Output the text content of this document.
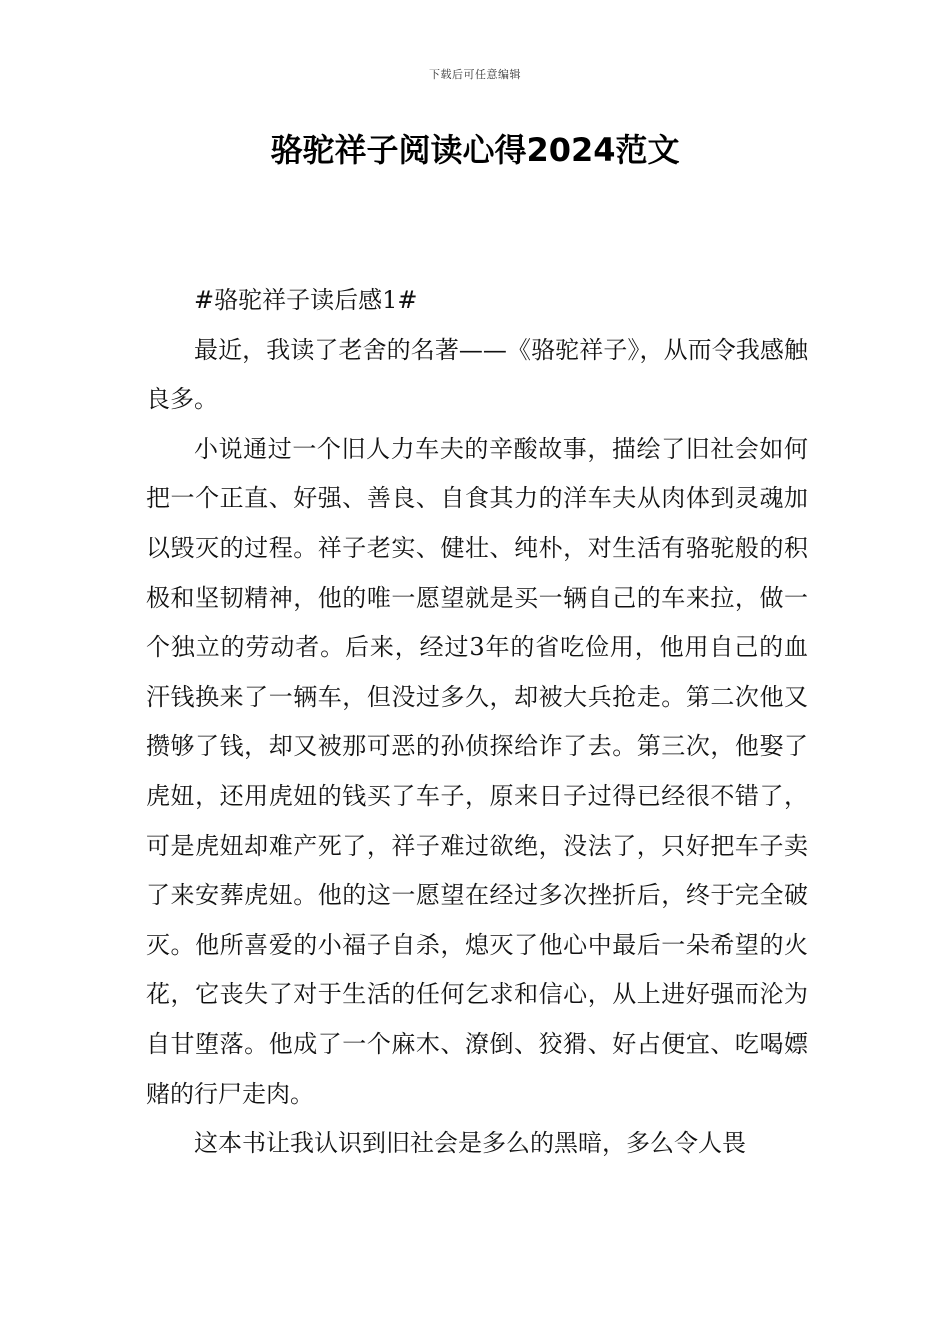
下载后可任意编辑
骆驼祥子阅读心得2024范文

#骆驼祥子读后感1#

最近，我读了老舍的名著——《骆驼祥子》，从而令我感触良多。

小说通过一个旧人力车夫的辛酸故事，描绘了旧社会如何把一个正直、好强、善良、自食其力的洋车夫从肉体到灵魂加以毁灭的过程。祥子老实、健壮、纯朴，对生活有骆驼般的积极和坚韧精神，他的唯一愿望就是买一辆自己的车来拉，做一个独立的劳动者。后来，经过3年的省吃俭用，他用自己的血汗钱换来了一辆车，但没过多久，却被大兵抢走。第二次他又攒够了钱，却又被那可恶的孙侦探给诈了去。第三次，他娶了虎妞，还用虎妞的钱买了车子，原来日子过得已经很不错了，可是虎妞却难产死了，祥子难过欲绝，没法了，只好把车子卖了来安葬虎妞。他的这一愿望在经过多次挫折后，终于完全破灭。他所喜爱的小福子自杀，熄灭了他心中最后一朵希望的火花，它丧失了对于生活的任何乞求和信心，从上进好强而沦为自甘堕落。他成了一个麻木、潦倒、狡猾、好占便宜、吃喝嫖赌的行尸走肉。

这本书让我认识到旧社会是多么的黑暗，多么令人畏
